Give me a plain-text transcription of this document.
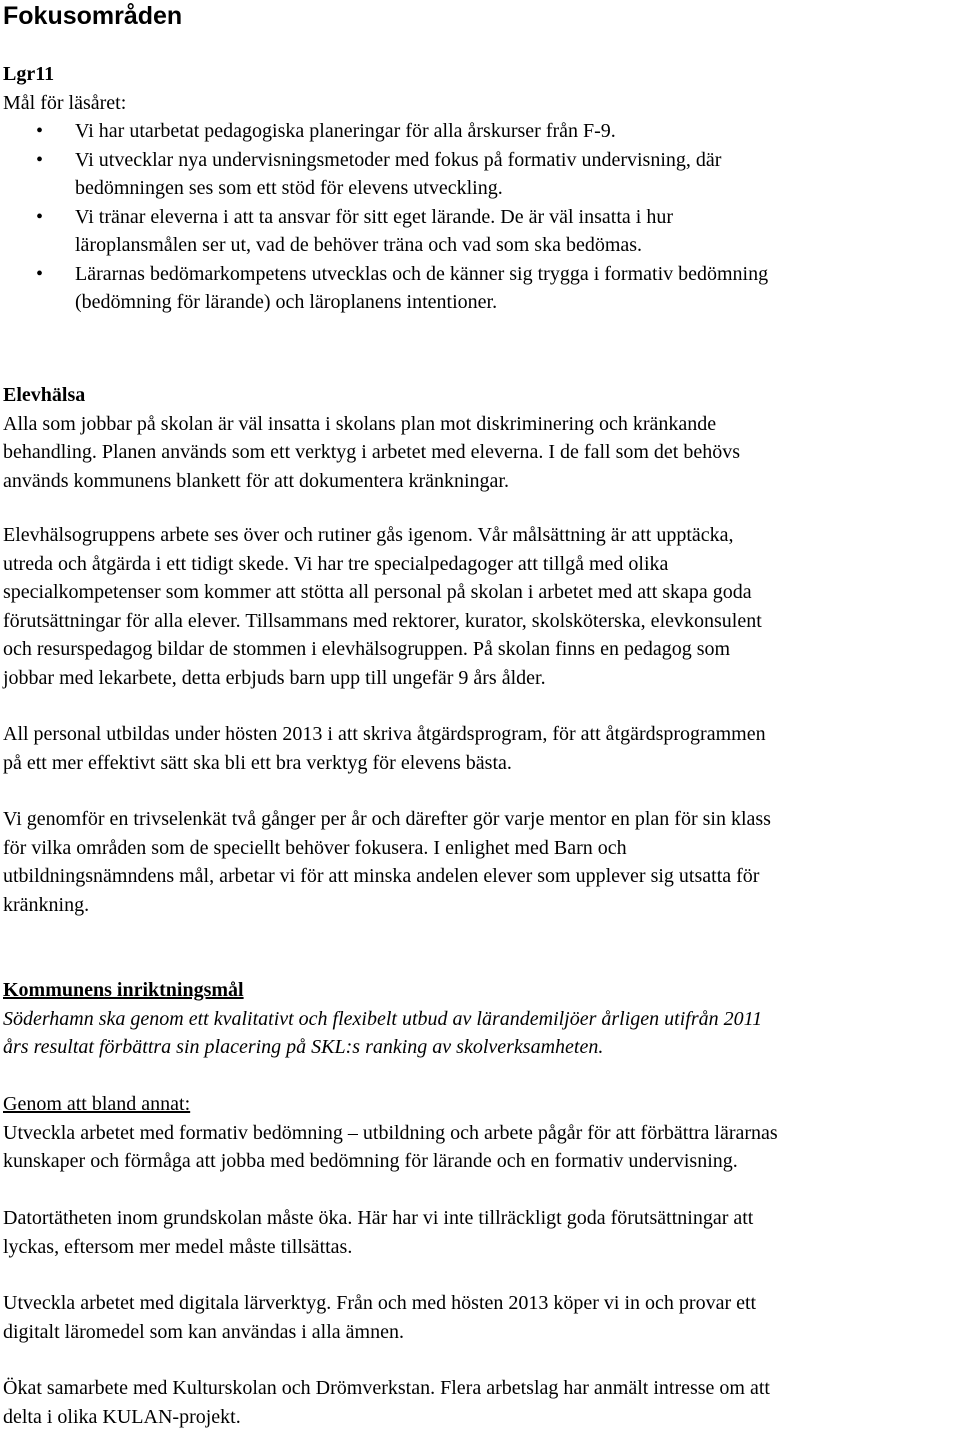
Fokusområden
Lgr11
Mål för läsåret:
• Vi har utarbetat pedagogiska planeringar för alla årskurser från F-9.
• Vi utvecklar nya undervisningsmetoder med fokus på formativ undervisning, där
bedömningen ses som ett stöd för elevens utveckling.
• Vi tränar eleverna i att ta ansvar för sitt eget lärande. De är väl insatta i hur
läroplansmålen ser ut, vad de behöver träna och vad som ska bedömas.
• Lärarnas bedömarkompetens utvecklas och de känner sig trygga i formativ bedömning
(bedömning för lärande) och läroplanens intentioner.
Elevhälsa
Alla som jobbar på skolan är väl insatta i skolans plan mot diskriminering och kränkande
behandling. Planen används som ett verktyg i arbetet med eleverna. I de fall som det behövs
används kommunens blankett för att dokumentera kränkningar.
Elevhälsogruppens arbete ses över och rutiner gås igenom. Vår målsättning är att upptäcka,
utreda och åtgärda i ett tidigt skede. Vi har tre specialpedagoger att tillgå med olika
specialkompetenser som kommer att stötta all personal på skolan i arbetet med att skapa goda
förutsättningar för alla elever. Tillsammans med rektorer, kurator, skolsköterska, elevkonsulent
och resurspedagog bildar de stommen i elevhälsogruppen. På skolan finns en pedagog som
jobbar med lekarbete, detta erbjuds barn upp till ungefär 9 års ålder.
All personal utbildas under hösten 2013 i att skriva åtgärdsprogram, för att åtgärdsprogrammen
på ett mer effektivt sätt ska bli ett bra verktyg för elevens bästa.
Vi genomför en trivselenkät två gånger per år och därefter gör varje mentor en plan för sin klass
för vilka områden som de speciellt behöver fokusera. I enlighet med Barn och
utbildningsnämndens mål, arbetar vi för att minska andelen elever som upplever sig utsatta för
kränkning.
Kommunens inriktningsmål
Söderhamn ska genom ett kvalitativt och flexibelt utbud av lärandemiljöer årligen utifrån 2011
års resultat förbättra sin placering på SKL:s ranking av skolverksamheten.
Genom att bland annat:
Utveckla arbetet med formativ bedömning – utbildning och arbete pågår för att förbättra lärarnas
kunskaper och förmåga att jobba med bedömning för lärande och en formativ undervisning.
Datortätheten inom grundskolan måste öka. Här har vi inte tillräckligt goda förutsättningar att
lyckas, eftersom mer medel måste tillsättas.
Utveckla arbetet med digitala lärverktyg. Från och med hösten 2013 köper vi in och provar ett
digitalt läromedel som kan användas i alla ämnen.
Ökat samarbete med Kulturskolan och Drömverkstan. Flera arbetslag har anmält intresse om att
delta i olika KULAN-projekt.
